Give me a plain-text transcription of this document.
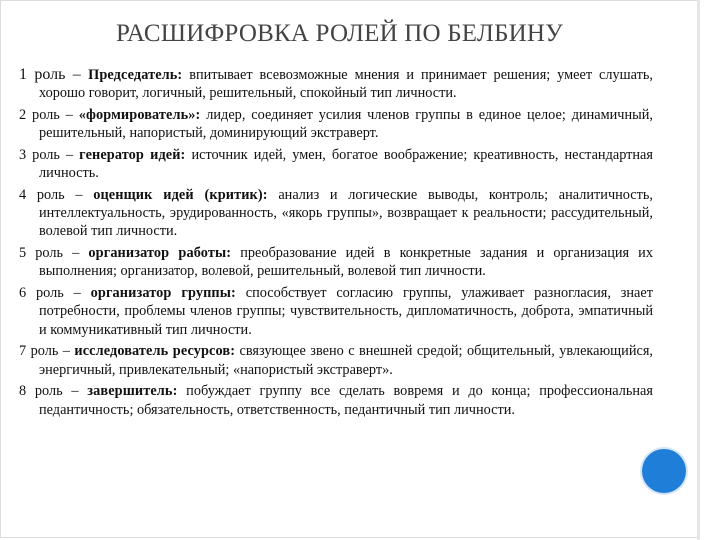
РАСШИФРОВКА РОЛЕЙ ПО БЕЛБИНУ

1 роль – Председатель: впитывает всевозможные мнения и принимает решения; умеет слушать, хорошо говорит, логичный, решительный, спокойный тип личности.

2 роль – «формирователь»: лидер, соединяет усилия членов группы в единое целое; динамичный, решительный, напористый, доминирующий экстраверт.

3 роль – генератор идей: источник идей, умен, богатое воображение; креативность, нестандартная личность.

4 роль – оценщик идей (критик): анализ и логические выводы, контроль; аналитичность, интеллектуальность, эрудированность, «якорь группы», возвращает к реальности; рассудительный, волевой тип личности.

5 роль – организатор работы: преобразование идей в конкретные задания и организация их выполнения; организатор, волевой, решительный, волевой тип личности.

6 роль – организатор группы: способствует согласию группы, улаживает разногласия, знает потребности, проблемы членов группы; чувствительность, дипломатичность, доброта, эмпатичный и коммуникативный тип личности.

7 роль – исследователь ресурсов: связующее звено с внешней средой; общительный, увлекающийся, энергичный, привлекательный; «напористый экстраверт».

8 роль – завершитель: побуждает группу все сделать вовремя и до конца; профессиональная педантичность; обязательность, ответственность, педантичный тип личности.
